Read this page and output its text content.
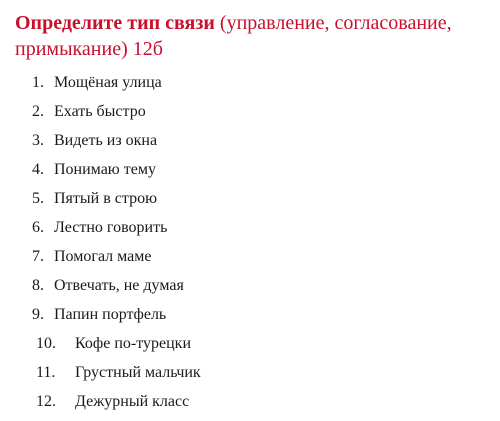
Определите тип связи (управление, согласование, примыкание) 12б
1. Мощёная улица
2. Ехать быстро
3. Видеть из окна
4. Понимаю тему
5. Пятый в строю
6. Лестно говорить
7. Помогал маме
8. Отвечать, не думая
9. Папин портфель
10. Кофе по-турецки
11. Грустный мальчик
12. Дежурный класс
